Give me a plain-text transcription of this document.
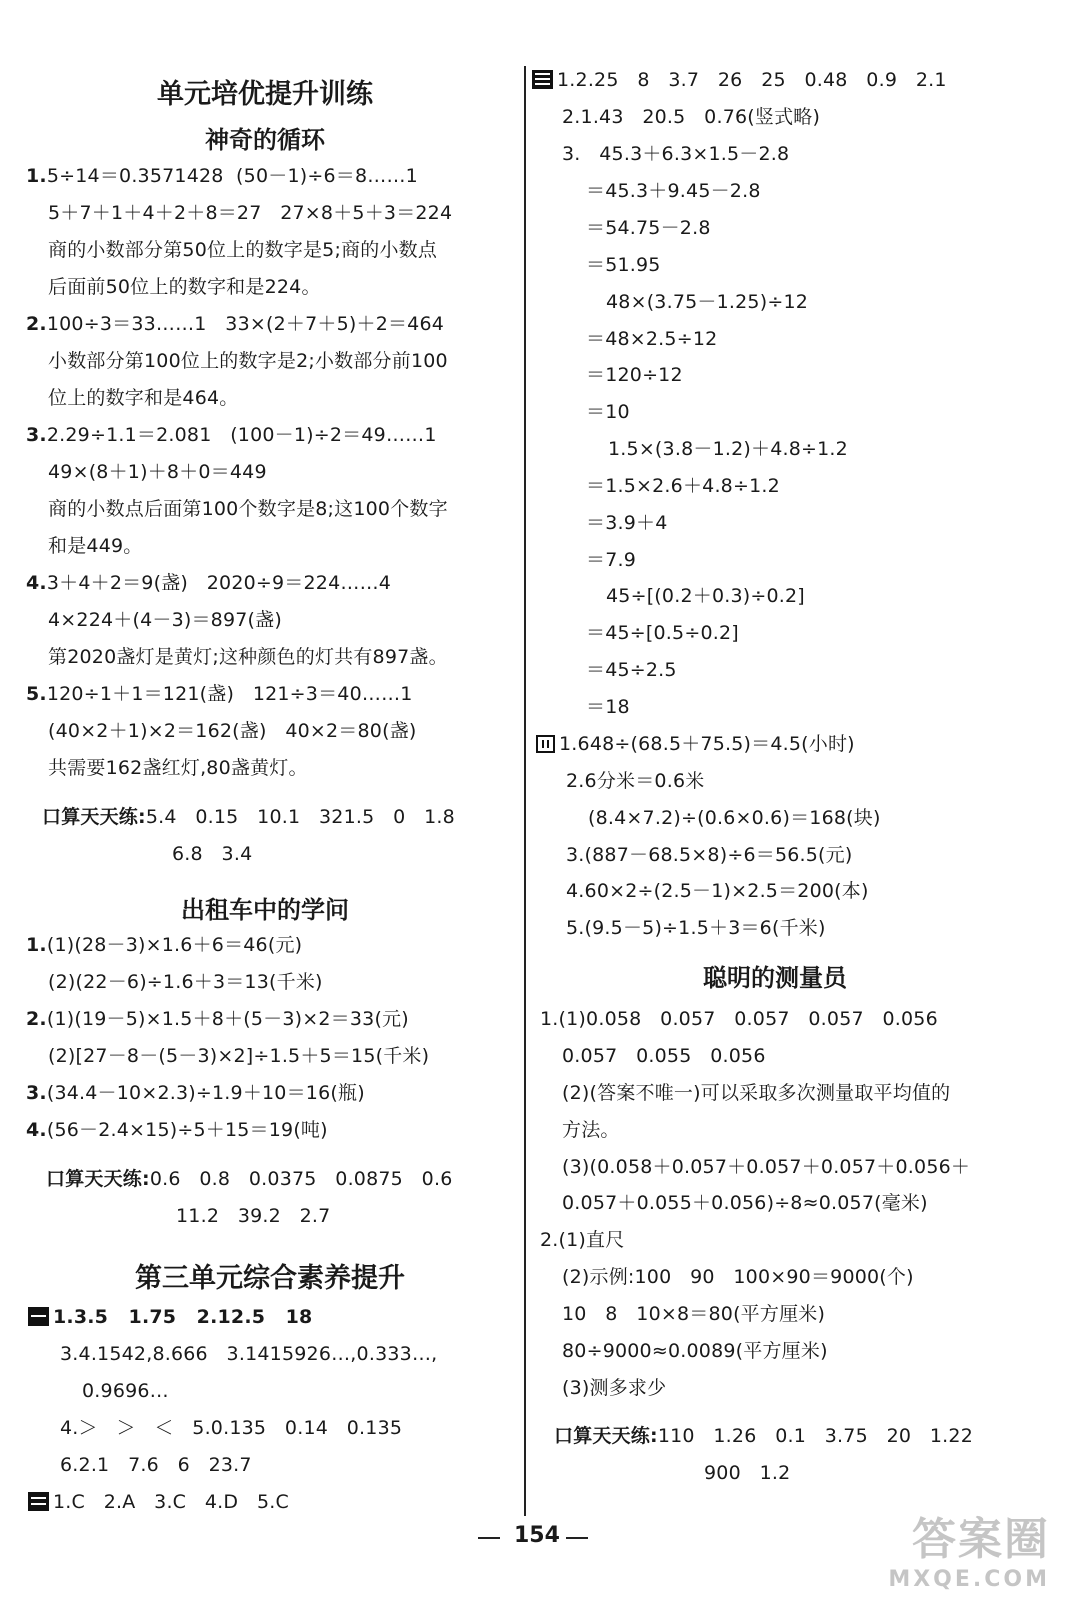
单元培优提升训练
神奇的循环
1.5÷14＝0.3571428  (50－1)÷6＝8……1
5＋7＋1＋4＋2＋8＝27   27×8＋5＋3＝224
商的小数部分第50位上的数字是5;商的小数点
后面前50位上的数字和是224。
2.100÷3＝33……1   33×(2＋7＋5)＋2＝464
小数部分第100位上的数字是2;小数部分前100
位上的数字和是464。
3.2.29÷1.1＝2.081   (100－1)÷2＝49……1
49×(8＋1)＋8＋0＝449
商的小数点后面第100个数字是8;这100个数字
和是449。
4.3＋4＋2＝9(盏)   2020÷9＝224……4
4×224＋(4－3)＝897(盏)
第2020盏灯是黄灯;这种颜色的灯共有897盏。
5.120÷1＋1＝121(盏)   121÷3＝40……1
(40×2＋1)×2＝162(盏)   40×2＝80(盏)
共需要162盏红灯,80盏黄灯。
口算天天练:5.4   0.15   10.1   321.5   0   1.8
6.8   3.4
出租车中的学问
1.(1)(28－3)×1.6＋6＝46(元)
(2)(22－6)÷1.6＋3＝13(千米)
2.(1)(19－5)×1.5＋8＋(5－3)×2＝33(元)
(2)[27－8－(5－3)×2]÷1.5＋5＝15(千米)
3.(34.4－10×2.3)÷1.9＋10＝16(瓶)
4.(56－2.4×15)÷5＋15＝19(吨)
口算天天练:0.6   0.8   0.0375   0.0875   0.6
11.2   39.2   2.7
第三单元综合素养提升
1.3.5   1.75   2.12.5   18
3.4.1542,8.666   3.1415926…,0.333…,
0.9696…
4.＞   ＞   ＜   5.0.135   0.14   0.135
6.2.1   7.6   6   23.7
1.C   2.A   3.C   4.D   5.C
1.2.25   8   3.7   26   25   0.48   0.9   2.1
2.1.43   20.5   0.76(竖式略)
3.   45.3＋6.3×1.5－2.8
＝45.3＋9.45－2.8
＝54.75－2.8
＝51.95
48×(3.75－1.25)÷12
＝48×2.5÷12
＝120÷12
＝10
1.5×(3.8－1.2)＋4.8÷1.2
＝1.5×2.6＋4.8÷1.2
＝3.9＋4
＝7.9
45÷[(0.2＋0.3)÷0.2]
＝45÷[0.5÷0.2]
＝45÷2.5
＝18
1.648÷(68.5＋75.5)＝4.5(小时)
2.6分米＝0.6米
(8.4×7.2)÷(0.6×0.6)＝168(块)
3.(887－68.5×8)÷6＝56.5(元)
4.60×2÷(2.5－1)×2.5＝200(本)
5.(9.5－5)÷1.5＋3＝6(千米)
聪明的测量员
1.(1)0.058   0.057   0.057   0.057   0.056
0.057   0.055   0.056
(2)(答案不唯一)可以采取多次测量取平均值的
方法。
(3)(0.058＋0.057＋0.057＋0.057＋0.056＋
0.057＋0.055＋0.056)÷8≈0.057(毫米)
2.(1)直尺
(2)示例:100   90   100×90＝9000(个)
10   8   10×8＝80(平方厘米)
80÷9000≈0.0089(平方厘米)
(3)测多求少
口算天天练:110   1.26   0.1   3.75   20   1.22
900   1.2
154	答案圈
MXQE.COM
